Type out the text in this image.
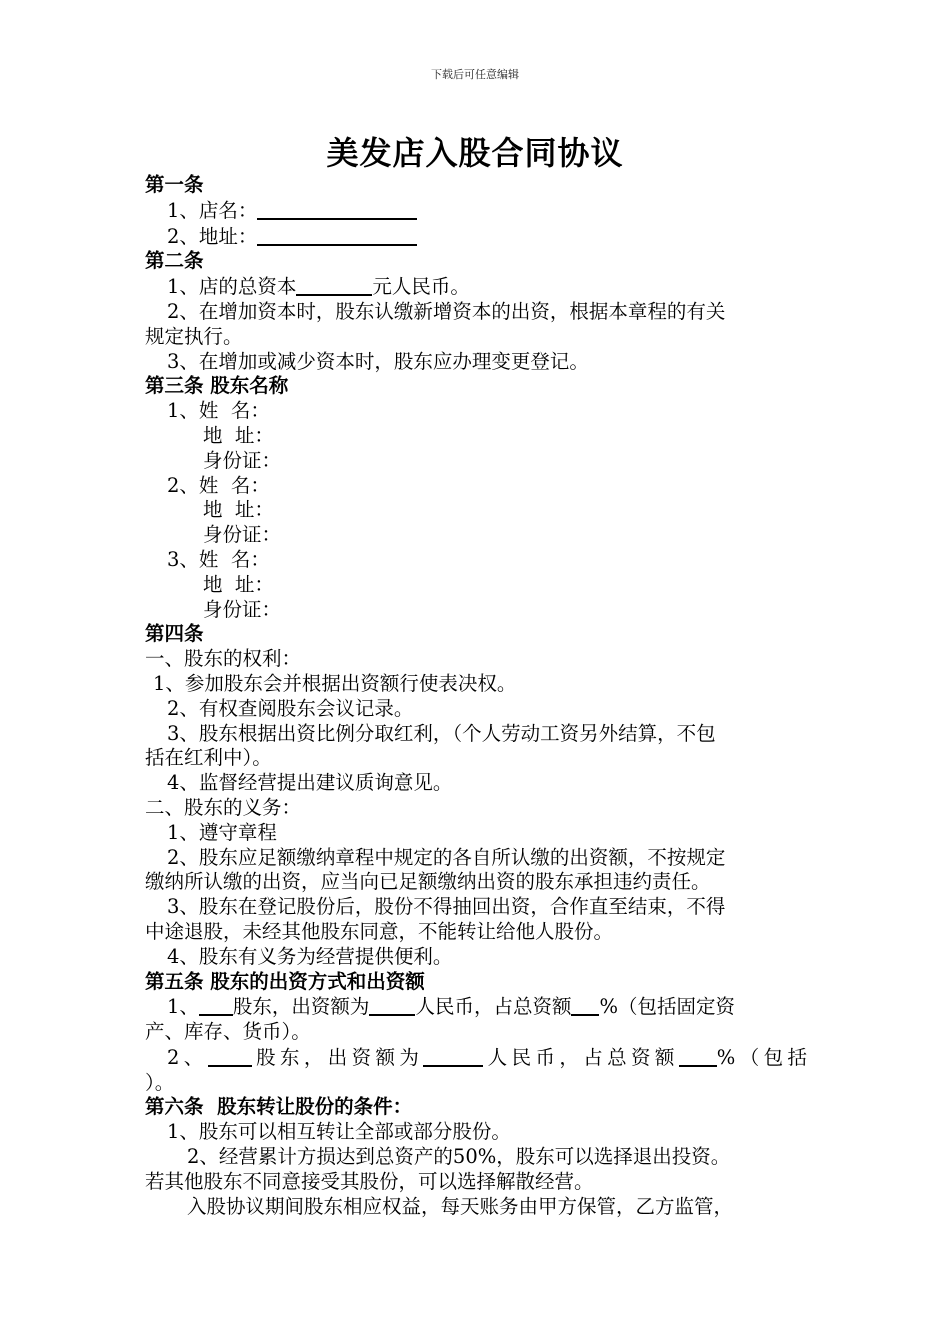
下载后可任意编辑
美发店入股合同协议
第一条
1、店名：
2、地址：
第二条
1、店的总资本	元人民币。
2、在增加资本时，股东认缴新增资本的出资，根据本章程的有关
规定执行。
3、在增加或减少资本时，股东应办理变更登记。
第三条 股东名称
1、姓  名：
地  址：
身份证：
2、姓  名：
地  址：
身份证：
3、姓  名：
地  址：
身份证：
第四条
一、股东的权利：
1、参加股东会并根据出资额行使表决权。
2、有权查阅股东会议记录。
3、股东根据出资比例分取红利，（个人劳动工资另外结算，不包
括在红利中）。
4、监督经营提出建议质询意见。
二、股东的义务：
1、遵守章程
2、股东应足额缴纳章程中规定的各自所认缴的出资额，不按规定
缴纳所认缴的出资，应当向已足额缴纳出资的股东承担违约责任。
3、股东在登记股份后，股份不得抽回出资，合作直至结束，不得
中途退股，未经其他股东同意，不能转让给他人股份。
4、股东有义务为经营提供便利。
第五条 股东的出资方式和出资额
1、 股东，出资额为 人民币，占总资额 %（包括固定资
产、库存、货币）。
2、 股东，出资额为	人民币，占总资额 %（包括
）。
第六条  股东转让股份的条件：
1、股东可以相互转让全部或部分股份。
2、经营累计方损达到总资产的50%，股东可以选择退出投资。
若其他股东不同意接受其股份，可以选择解散经营。
入股协议期间股东相应权益，每天账务由甲方保管，乙方监管，
